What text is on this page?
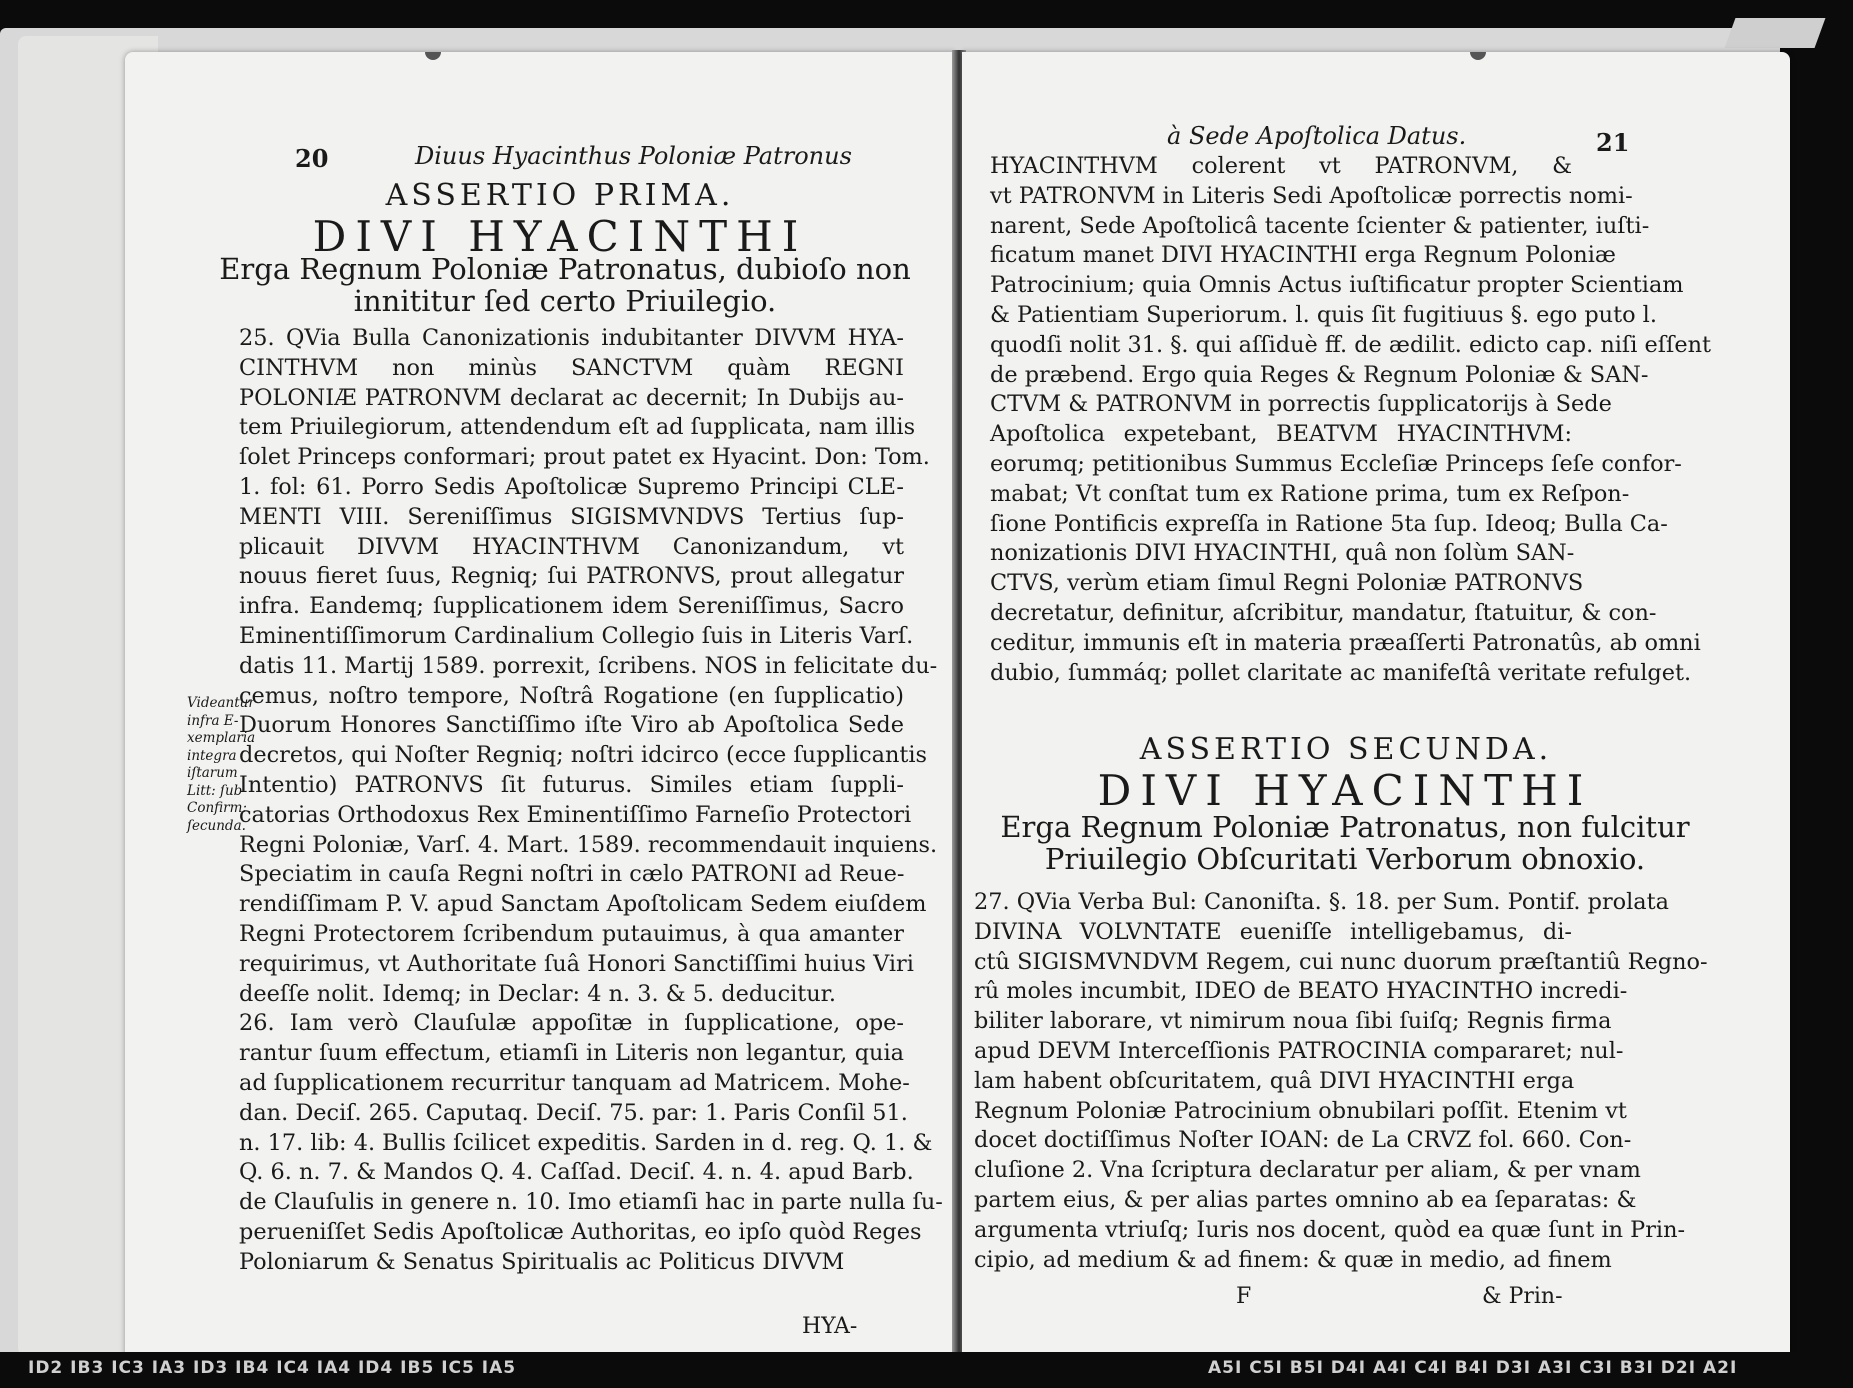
20	Diuus Hyacinthus Poloniæ Patronus
ASSERTIO PRIMA.
DIVI HYACINTHI
Erga Regnum Poloniæ Patronatus, dubioſo non
innititur ſed certo Priuilegio.
25. QVia Bulla Canonizationis indubitanter DIVVM HYA-
CINTHVM non minùs SANCTVM quàm REGNI
POLONIÆ PATRONVM declarat ac decernit; In Dubijs au-
tem Priuilegiorum, attendendum eſt ad ſupplicata, nam illis
ſolet Princeps conformari; prout patet ex Hyacint. Don: Tom.
1. fol: 61. Porro Sedis Apoſtolicæ Supremo Principi CLE-
MENTI VIII. Sereniſſimus SIGISMVNDVS Tertius ſup-
plicauit DIVVM HYACINTHVM Canonizandum, vt
nouus fieret ſuus, Regniq; ſui PATRONVS, prout allegatur
infra. Eandemq; ſupplicationem idem Sereniſſimus, Sacro
Eminentiſſimorum Cardinalium Collegio ſuis in Literis Varſ.
datis 11. Martij 1589. porrexit, ſcribens. NOS in felicitate du-
cemus, noſtro tempore, Noſtrâ Rogatione (en ſupplicatio)
Duorum Honores Sanctiſſimo iſte Viro ab Apoſtolica Sede
decretos, qui Noſter Regniq; noſtri idcirco (ecce ſupplicantis
Intentio) PATRONVS ſit futurus. Similes etiam ſuppli-
catorias Orthodoxus Rex Eminentiſſimo Farneſio Protectori
Regni Poloniæ, Varſ. 4. Mart. 1589. recommendauit inquiens.
Speciatim in cauſa Regni noſtri in cælo PATRONI ad Reue-
rendiſſimam P. V. apud Sanctam Apoſtolicam Sedem eiuſdem
Regni Protectorem ſcribendum putauimus, à qua amanter
requirimus, vt Authoritate ſuâ Honori Sanctiſſimi huius Viri
deeſſe nolit. Idemq; in Declar: 4 n. 3. & 5. deducitur.
26. Iam verò Clauſulæ appoſitæ in ſupplicatione, ope-
rantur ſuum effectum, etiamſi in Literis non legantur, quia
ad ſupplicationem recurritur tanquam ad Matricem. Mohe-
dan. Deciſ. 265. Caputaq. Deciſ. 75. par: 1. Paris Conſil 51.
n. 17. lib: 4. Bullis ſcilicet expeditis. Sarden in d. reg. Q. 1. &
Q. 6. n. 7. & Mandos Q. 4. Caſſad. Deciſ. 4. n. 4. apud Barb.
de Clauſulis in genere n. 10. Imo etiamſi hac in parte nulla ſu-
perueniſſet Sedis Apoſtolicæ Authoritas, eo ipſo quòd Reges
Poloniarum & Senatus Spiritualis ac Politicus DIVVM
Videantur
infra E-
xemplaria
integra
iſtarum
Litt: ſub
Confirm:
ſecunda.
HYA-
à Sede Apoſtolica Datus.	21
HYACINTHVM colerent vt PATRONVM, &
vt PATRONVM in Literis Sedi Apoſtolicæ porrectis nomi-
narent, Sede Apoſtolicâ tacente ſcienter & patienter, iuſti-
ficatum manet DIVI HYACINTHI erga Regnum Poloniæ
Patrocinium; quia Omnis Actus iuſtificatur propter Scientiam
& Patientiam Superiorum. l. quis ſit fugitiuus §. ego puto l.
quodſi nolit 31. §. qui aſſiduè ff. de ædilit. edicto cap. niſi eſſent
de præbend. Ergo quia Reges & Regnum Poloniæ & SAN-
CTVM & PATRONVM in porrectis ſupplicatorijs à Sede
Apoſtolica expetebant, BEATVM HYACINTHVM:
eorumq; petitionibus Summus Eccleſiæ Princeps ſeſe confor-
mabat; Vt conſtat tum ex Ratione prima, tum ex Reſpon-
ſione Pontificis expreſſa in Ratione 5ta ſup. Ideoq; Bulla Ca-
nonizationis DIVI HYACINTHI, quâ non ſolùm SAN-
CTVS, verùm etiam ſimul Regni Poloniæ PATRONVS
decretatur, definitur, aſcribitur, mandatur, ſtatuitur, & con-
ceditur, immunis eſt in materia præaſſerti Patronatûs, ab omni
dubio, ſummáq; pollet claritate ac manifeſtâ veritate refulget.
ASSERTIO SECUNDA.
DIVI HYACINTHI
Erga Regnum Poloniæ Patronatus, non fulcitur
Priuilegio Obſcuritati Verborum obnoxio.
27. QVia Verba Bul: Canoniſta. §. 18. per Sum. Pontif. prolata
DIVINA VOLVNTATE eueniſſe intelligebamus, di-
ctû SIGISMVNDVM Regem, cui nunc duorum præſtantiû Regno-
rû moles incumbit, IDEO de BEATO HYACINTHO incredi-
biliter laborare, vt nimirum noua ſibi ſuiſq; Regnis firma
apud DEVM Interceſſionis PATROCINIA compararet; nul-
lam habent obſcuritatem, quâ DIVI HYACINTHI erga
Regnum Poloniæ Patrocinium obnubilari poſſit. Etenim vt
docet doctiſſimus Noſter IOAN: de La CRVZ fol. 660. Con-
cluſione 2. Vna ſcriptura declaratur per aliam, & per vnam
partem eius, & per alias partes omnino ab ea ſeparatas: &
argumenta vtriuſq; Iuris nos docent, quòd ea quæ ſunt in Prin-
cipio, ad medium & ad finem: & quæ in medio, ad finem
F	& Prin-
ID2 IB3 IC3 IA3 ID3 IB4 IC4 IA4 ID4 IB5 IC5 IA5	A5I C5I B5I D4I A4I C4I B4I D3I A3I C3I B3I D2I A2I
